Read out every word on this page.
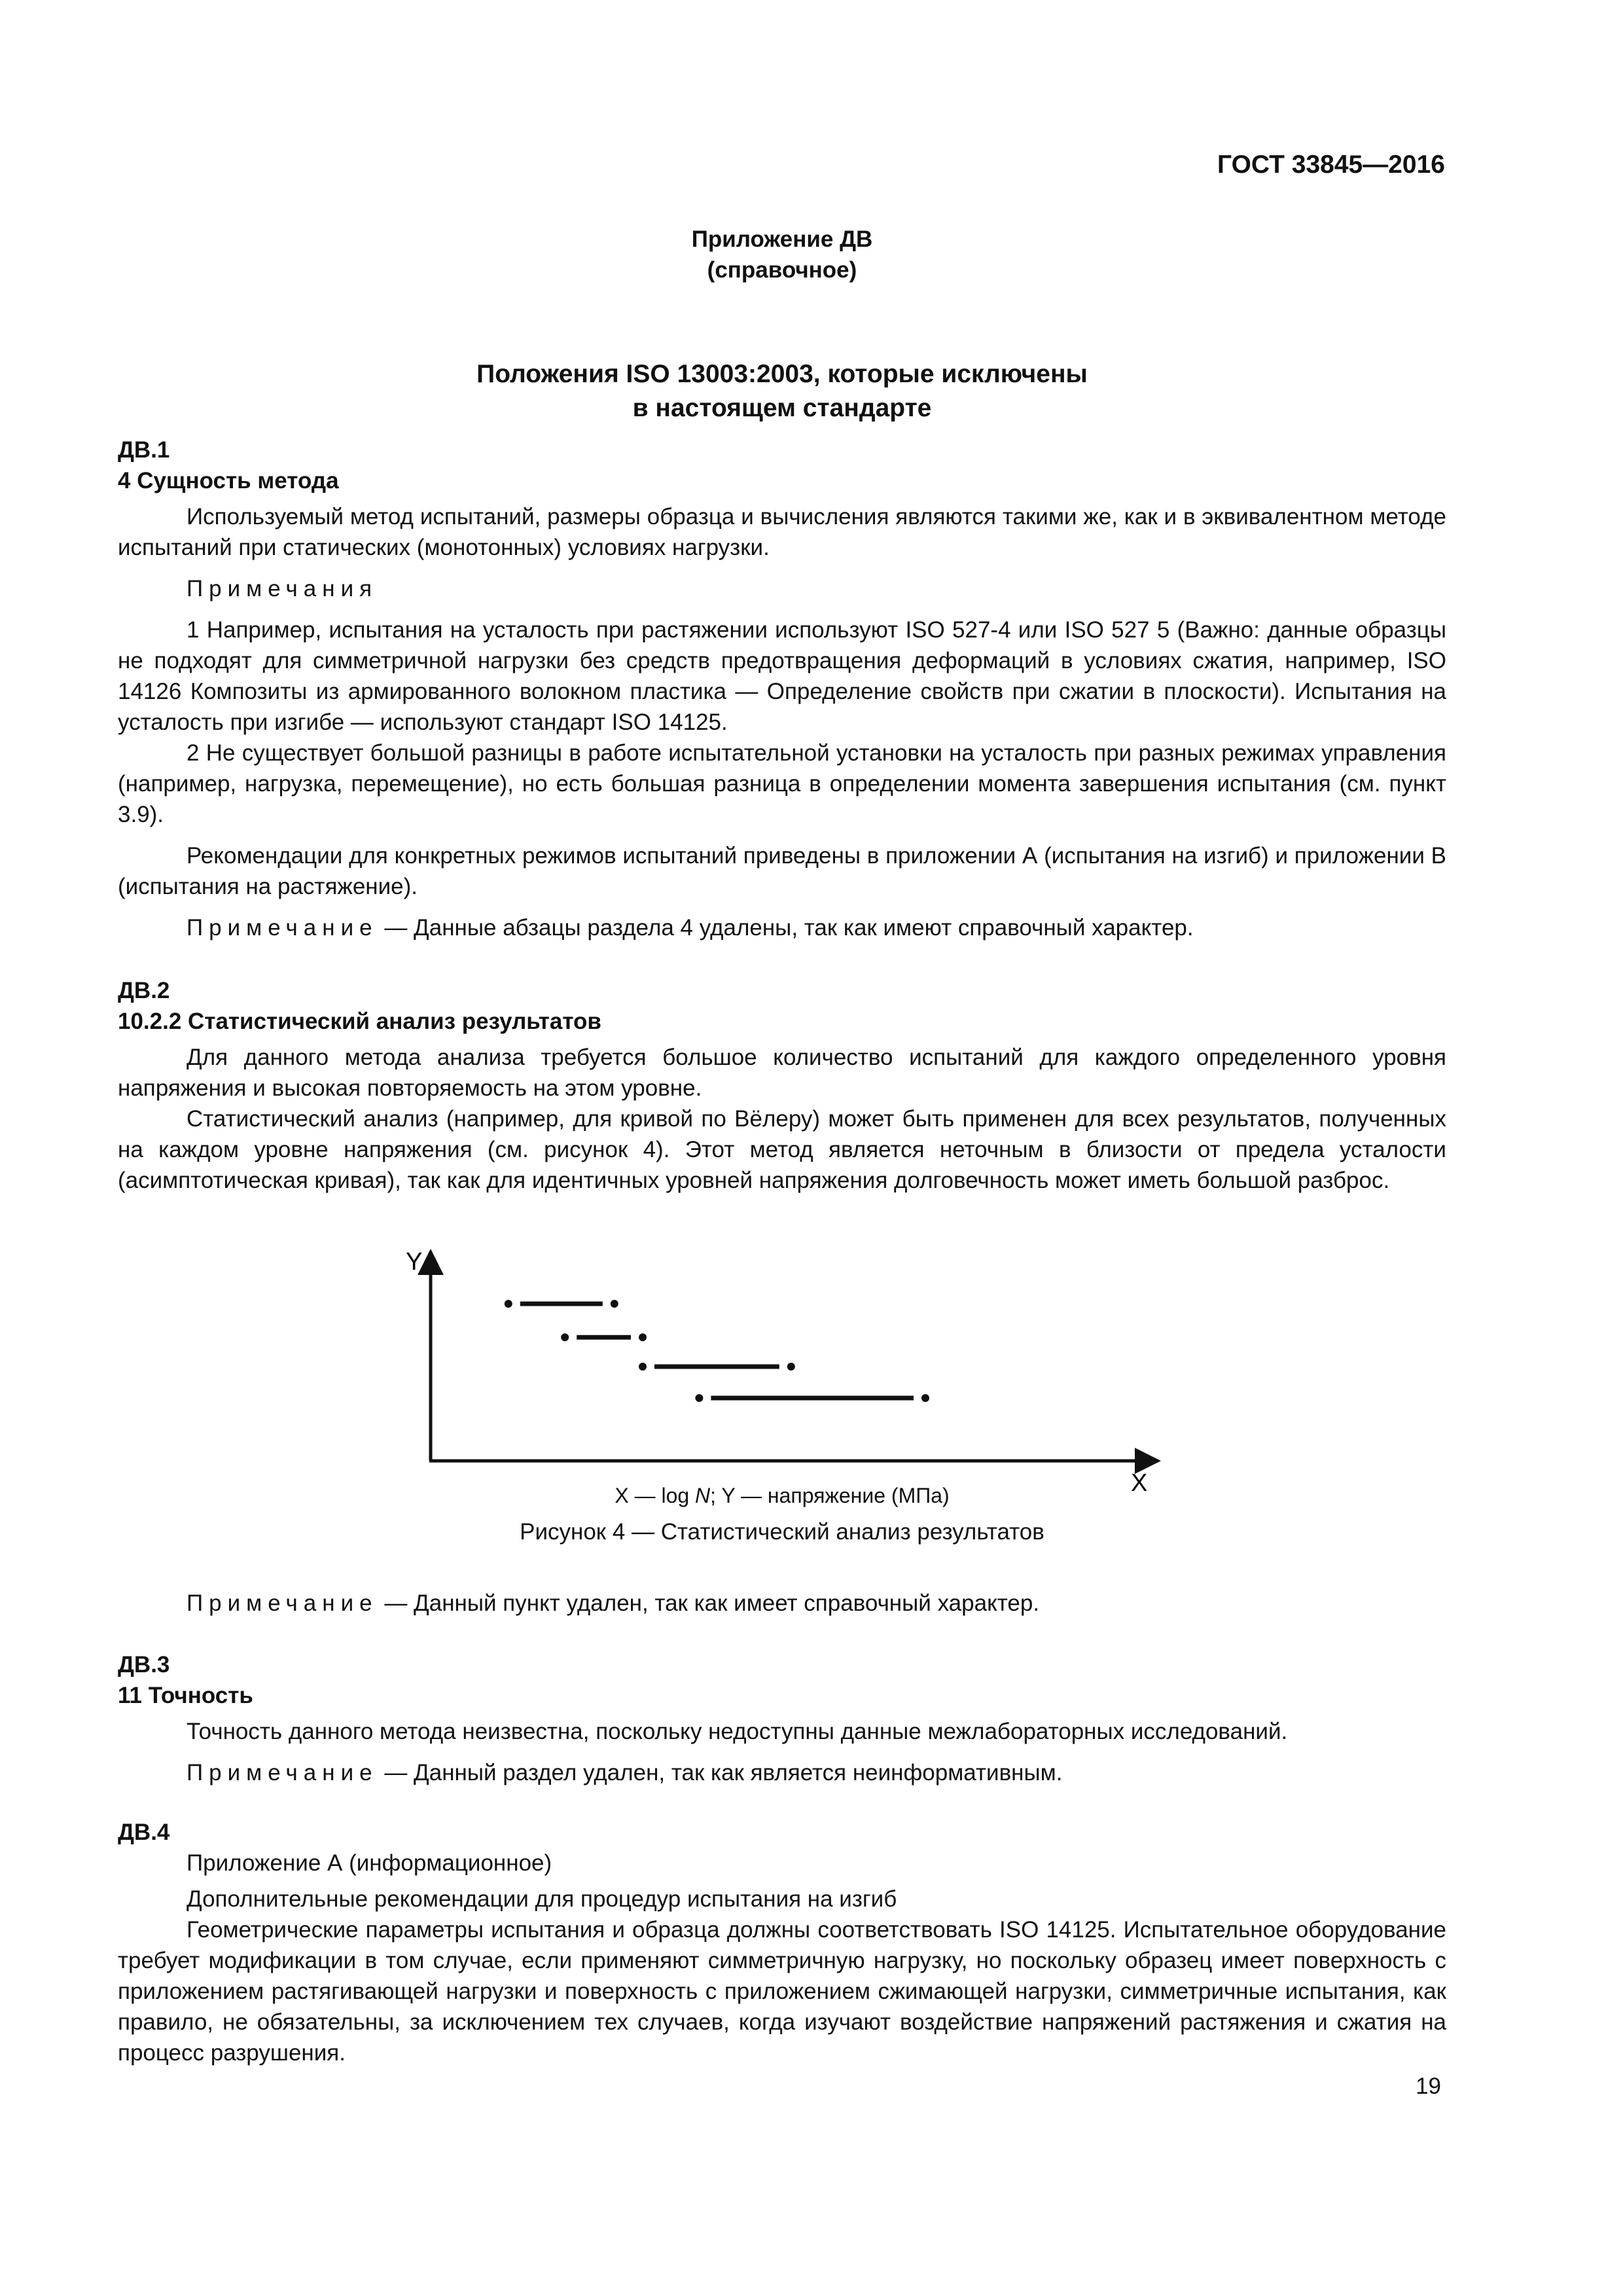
ГОСТ 33845—2016
Приложение ДВ
(справочное)
Положения ISO 13003:2003, которые исключены
в настоящем стандарте

ДВ.1

4 Сущность метода

Используемый метод испытаний, размеры образца и вычисления являются такими же, как и в эквивалентном методе испытаний при статических (монотонных) условиях нагрузки.

Примечания

1 Например, испытания на усталость при растяжении используют ISO 527-4 или ISO 527 5 (Важно: данные образцы не подходят для симметричной нагрузки без средств предотвращения деформаций в условиях сжатия, например, ISO 14126 Композиты из армированного волокном пластика — Определение свойств при сжатии в плоскости). Испытания на усталость при изгибе — используют стандарт ISO 14125.

2 Не существует большой разницы в работе испытательной установки на усталость при разных режимах управления (например, нагрузка, перемещение), но есть большая разница в определении момента завершения испытания (см. пункт 3.9).

Рекомендации для конкретных режимов испытаний приведены в приложении А (испытания на изгиб) и приложении В (испытания на растяжение).

Примечание — Данные абзацы раздела 4 удалены, так как имеют справочный характер.

ДВ.2

10.2.2 Статистический анализ результатов

Для данного метода анализа требуется большое количество испытаний для каждого определенного уровня напряжения и высокая повторяемость на этом уровне.

Статистический анализ (например, для кривой по Вёлеру) может быть применен для всех результатов, полученных на каждом уровне напряжения (см. рисунок 4). Этот метод является неточным в близости от предела усталости (асимптотическая кривая), так как для идентичных уровней напряжения долговечность может иметь большой разброс.

Y
X
X — log N; Y — напряжение (МПа)
Рисунок 4 — Статистический анализ результатов

Примечание — Данный пункт удален, так как имеет справочный характер.

ДВ.3

11 Точность

Точность данного метода неизвестна, поскольку недоступны данные межлабораторных исследований.

Примечание — Данный раздел удален, так как является неинформативным.

ДВ.4

Приложение А (информационное)

Дополнительные рекомендации для процедур испытания на изгиб

Геометрические параметры испытания и образца должны соответствовать ISO 14125. Испытательное оборудование требует модификации в том случае, если применяют симметричную нагрузку, но поскольку образец имеет поверхность с приложением растягивающей нагрузки и поверхность с приложением сжимающей нагрузки, симметричные испытания, как правило, не обязательны, за исключением тех случаев, когда изучают воздействие напряжений растяжения и сжатия на процесс разрушения.

19
